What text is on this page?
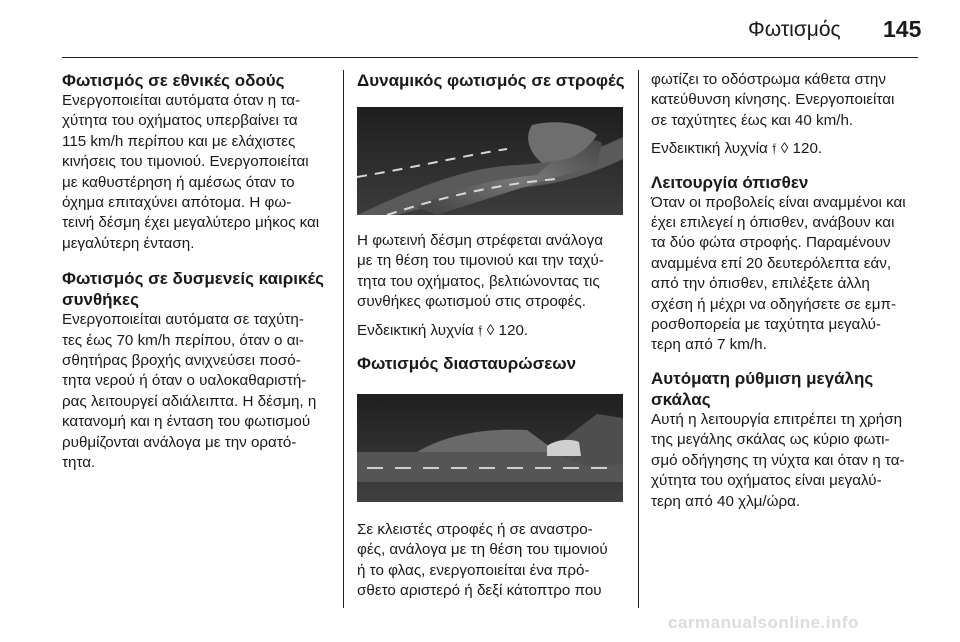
Φωτισμός 145

Φωτισμός σε εθνικές οδούς

Ενεργοποιείται αυτόματα όταν η τα-
χύτητα του οχήματος υπερβαίνει τα
115 km/h περίπου και με ελάχιστες
κινήσεις του τιμονιού. Ενεργοποιείται
με καθυστέρηση ή αμέσως όταν το
όχημα επιταχύνει απότομα. Η φω-
τεινή δέσμη έχει μεγαλύτερο μήκος και
μεγαλύτερη ένταση.

Φωτισμός σε δυσμενείς καιρικές συνθήκες

Ενεργοποιείται αυτόματα σε ταχύτη-
τες έως 70 km/h περίπου, όταν ο αι-
σθητήρας βροχής ανιχνεύσει ποσό-
τητα νερού ή όταν ο υαλοκαθαριστή-
ρας λειτουργεί αδιάλειπτα. Η δέσμη, η
κατανομή και η ένταση του φωτισμού
ρυθμίζονται ανάλογα με την ορατό-
τητα.

Δυναμικός φωτισμός σε στροφές

Η φωτεινή δέσμη στρέφεται ανάλογα
με τη θέση του τιμονιού και την ταχύ-
τητα του οχήματος, βελτιώνοντας τις
συνθήκες φωτισμού στις στροφές.

Ενδεικτική λυχνία 𝔣 ◊ 120.

Φωτισμός διασταυρώσεων

Σε κλειστές στροφές ή σε αναστρο-
φές, ανάλογα με τη θέση του τιμονιού
ή το φλας, ενεργοποιείται ένα πρό-
σθετο αριστερό ή δεξί κάτοπτρο που

φωτίζει το οδόστρωμα κάθετα στην
κατεύθυνση κίνησης. Ενεργοποιείται
σε ταχύτητες έως και 40 km/h.

Ενδεικτική λυχνία 𝔣 ◊ 120.

Λειτουργία όπισθεν

Όταν οι προβολείς είναι αναμμένοι και
έχει επιλεγεί η όπισθεν, ανάβουν και
τα δύο φώτα στροφής. Παραμένουν
αναμμένα επί 20 δευτερόλεπτα εάν,
από την όπισθεν, επιλέξετε άλλη
σχέση ή μέχρι να οδηγήσετε σε εμπ-
ροσθοπορεία με ταχύτητα μεγαλύ-
τερη από 7 km/h.

Αυτόματη ρύθμιση μεγάλης σκάλας

Αυτή η λειτουργία επιτρέπει τη χρήση
της μεγάλης σκάλας ως κύριο φωτι-
σμό οδήγησης τη νύχτα και όταν η τα-
χύτητα του οχήματος είναι μεγαλύ-
τερη από 40 χλμ/ώρα.

carmanualsonline.info
